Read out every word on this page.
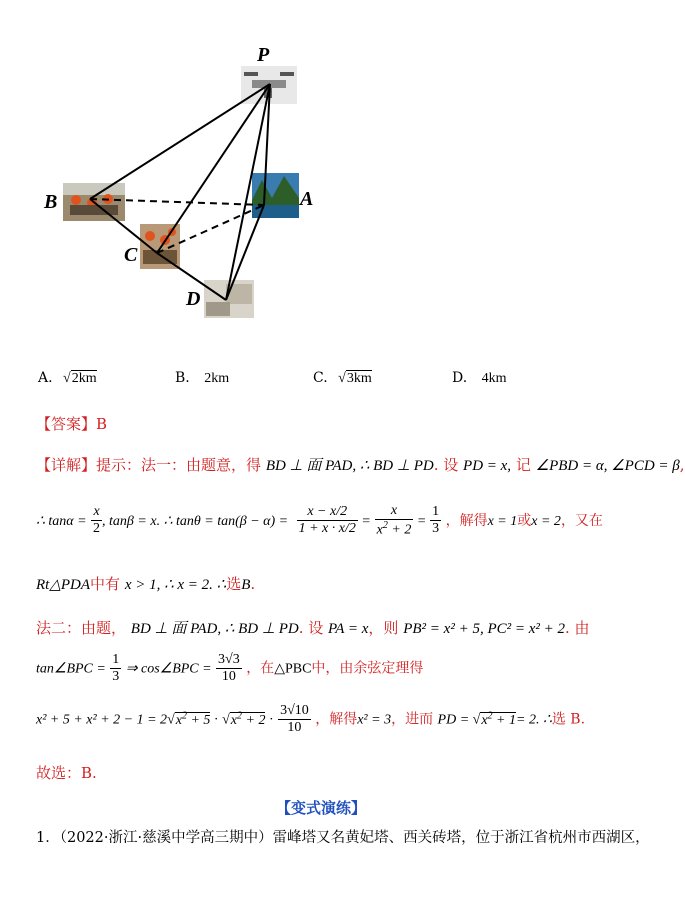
P
A
B
C
D
A. √2km	B. 2km	C. √3km	D. 4km
【答案】B
【详解】提示：法一：由题意，得 BD ⊥ 面 PAD, ∴ BD ⊥ PD. 设 PD = x, 记 ∠PBD = α, ∠PCD = β,
∴ $\tan\alpha = \frac{x}{2}$ , tanβ = x. ∴ $\tan\theta = \tan(\beta - \alpha) = \frac{x - x/2}{1 + x \cdot x/2} = \frac{x}{x^2 + 2} = \frac{1}{3}$ ，解得x = 1或x = 2，又在
Rt△PDA中有 x > 1, ∴ x = 2. ∴选B.
法二：由题， BD ⊥ 面 PAD, ∴ BD ⊥ PD. 设 PA = x，则 PB² = x² + 5, PC² = x² + 2. 由
tan∠BPC = $\frac{1}{3}$ ⇒ cos∠BPC = $\frac{3√3}{10}$ ，在△PBC中，由余弦定理得
$x^2 + 5 + x^2 + 2 - 1 = 2√x^2 + 5 \cdot √x^2 + 2 \cdot \frac{3√10}{10}$ ，解得x² = 3，进而 PD = $√x^2 + 1= 2$. ∴选 B.
故选：B.
【变式演练】
1．（2022·浙江·慈溪中学高三期中）雷峰塔又名黄妃塔、西关砖塔，位于浙江省杭州市西湖区，
